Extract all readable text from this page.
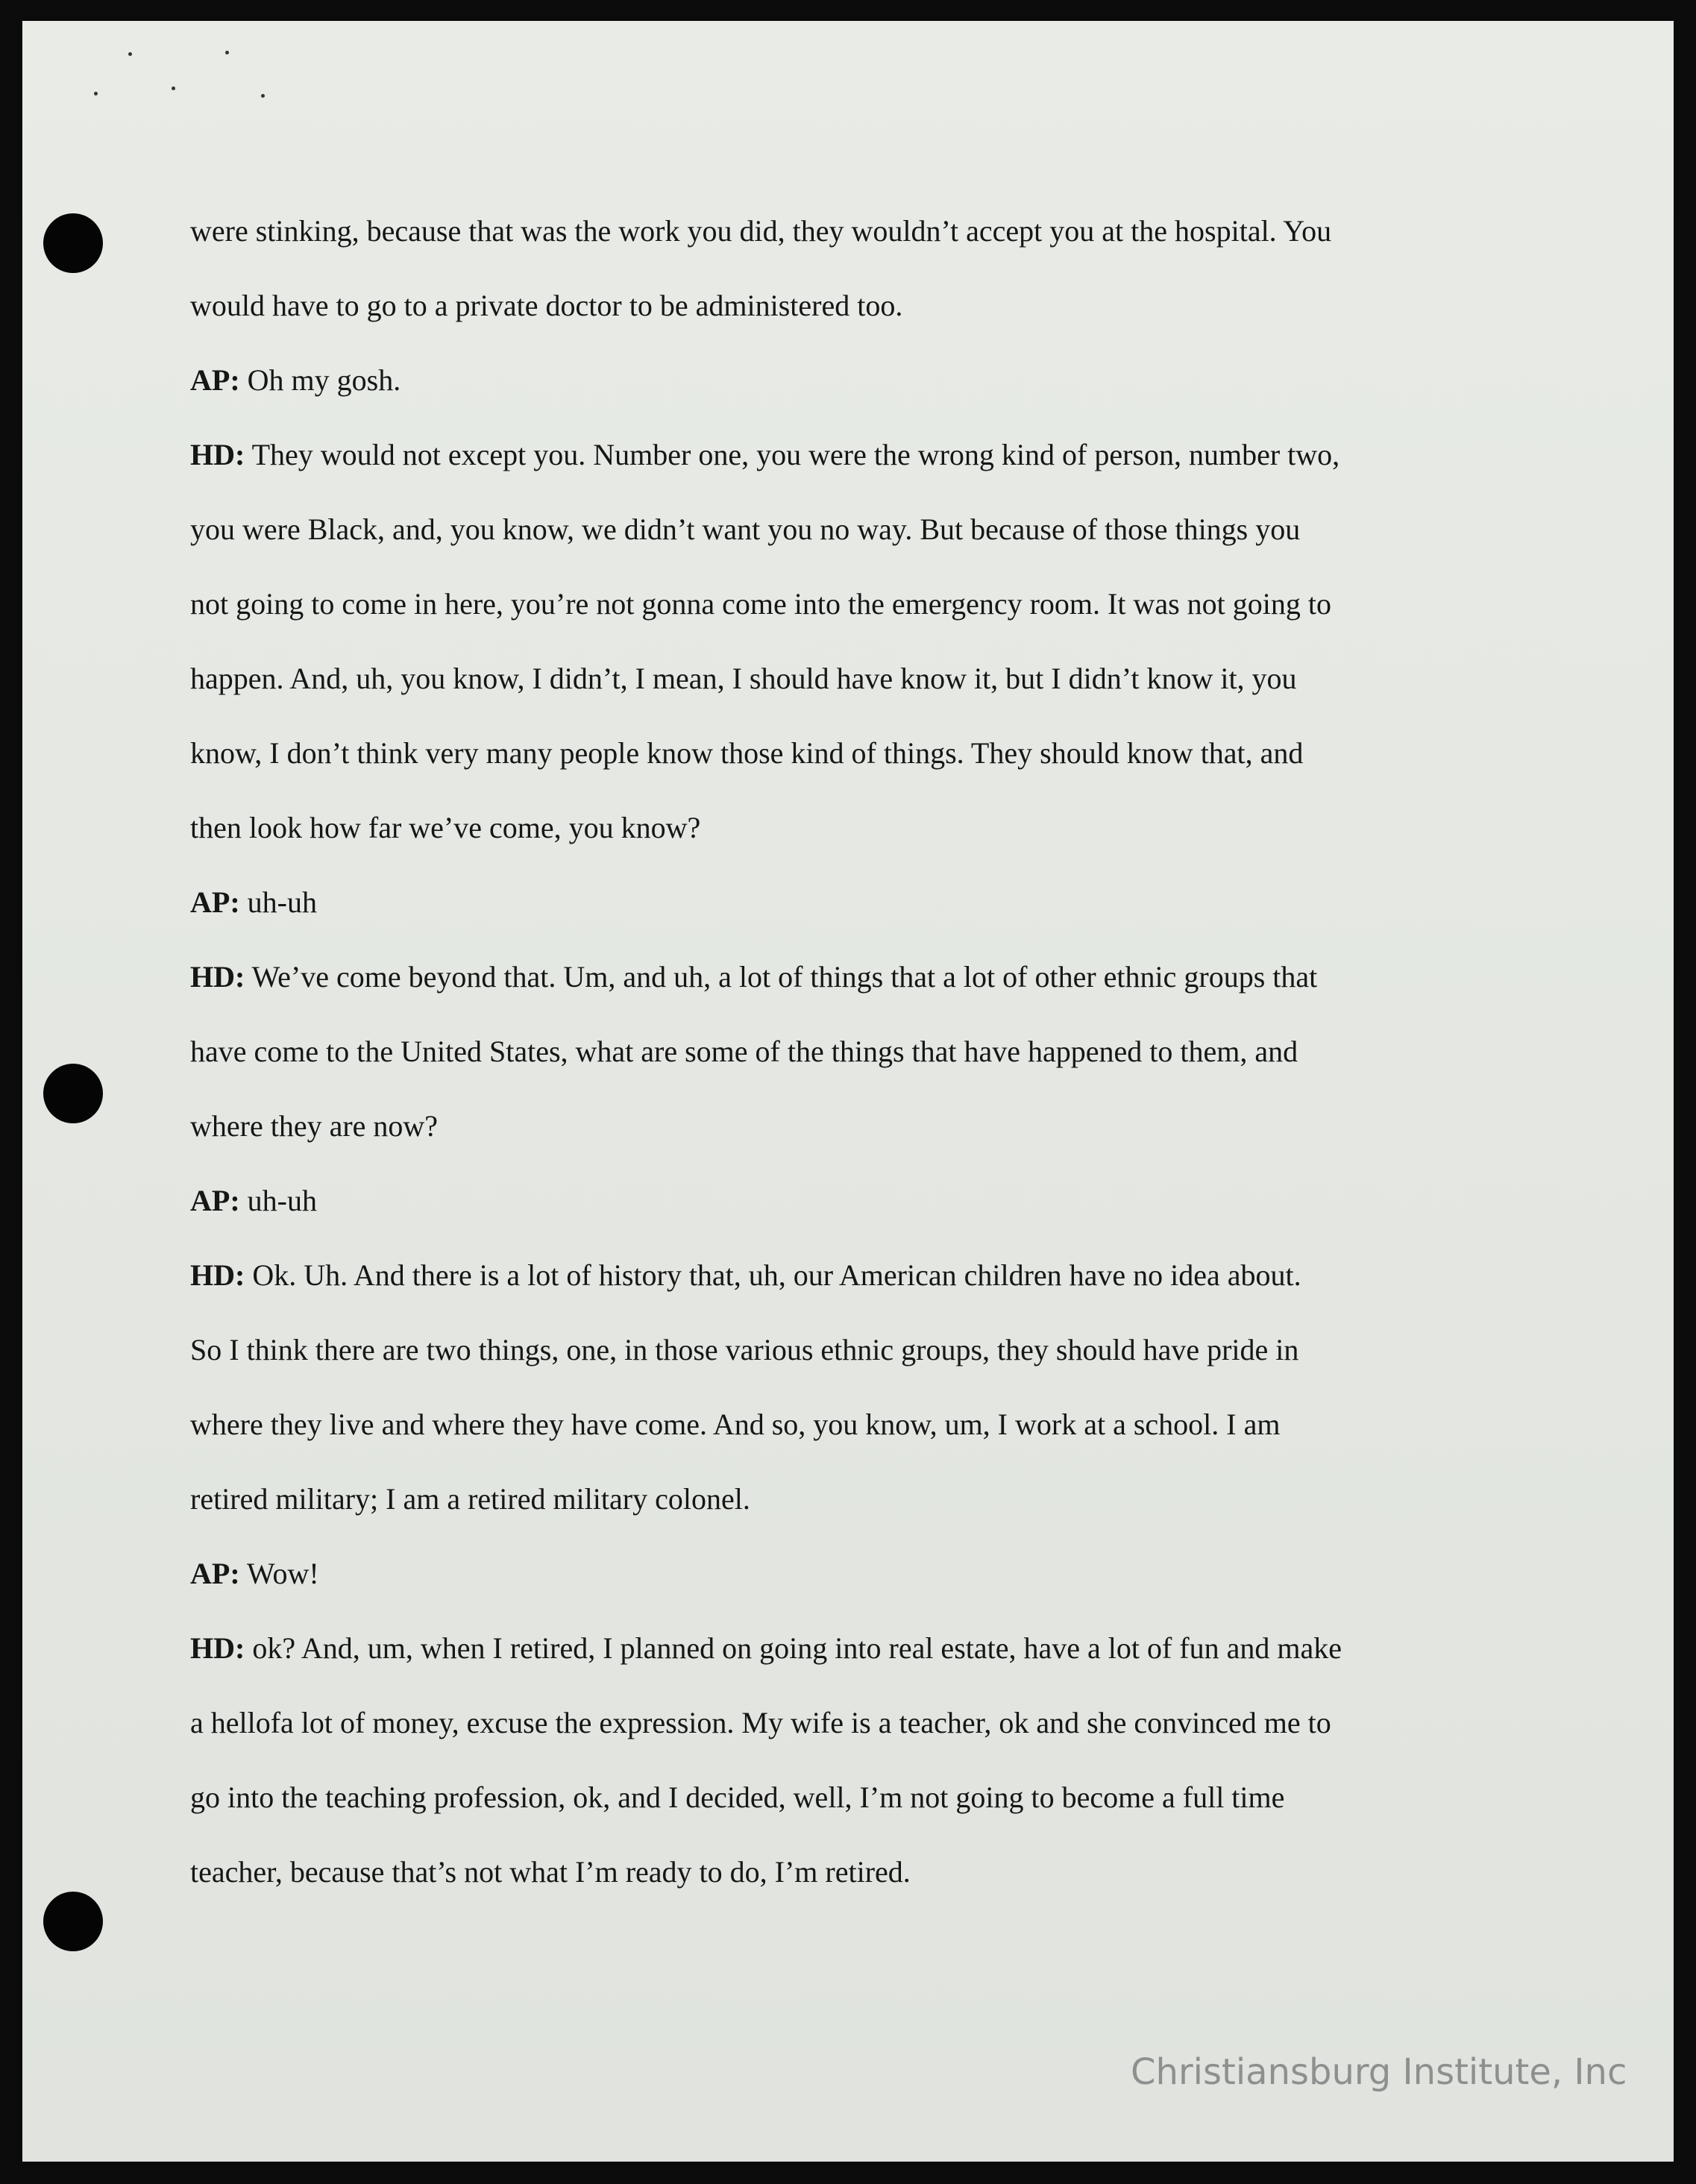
were stinking, because that was the work you did, they wouldn’t accept you at the hospital. You
would have to go to a private doctor to be administered too.
AP: Oh my gosh.
HD: They would not except you. Number one, you were the wrong kind of person, number two,
you were Black, and, you know, we didn’t want you no way. But because of those things you
not going to come in here, you’re not gonna come into the emergency room. It was not going to
happen. And, uh, you know, I didn’t, I mean, I should have know it, but I didn’t know it, you
know, I don’t think very many people know those kind of things. They should know that, and
then look how far we’ve come, you know?
AP: uh-uh
HD: We’ve come beyond that. Um, and uh, a lot of things that a lot of other ethnic groups that
have come to the United States, what are some of the things that have happened to them, and
where they are now?
AP: uh-uh
HD: Ok. Uh. And there is a lot of history that, uh, our American children have no idea about.
So I think there are two things, one, in those various ethnic groups, they should have pride in
where they live and where they have come. And so, you know, um, I work at a school. I am
retired military; I am a retired military colonel.
AP: Wow!
HD: ok? And, um, when I retired, I planned on going into real estate, have a lot of fun and make
a hellofa lot of money, excuse the expression. My wife is a teacher, ok and she convinced me to
go into the teaching profession, ok, and I decided, well, I’m not going to become a full time
teacher, because that’s not what I’m ready to do, I’m retired.
Christiansburg Institute, Inc
